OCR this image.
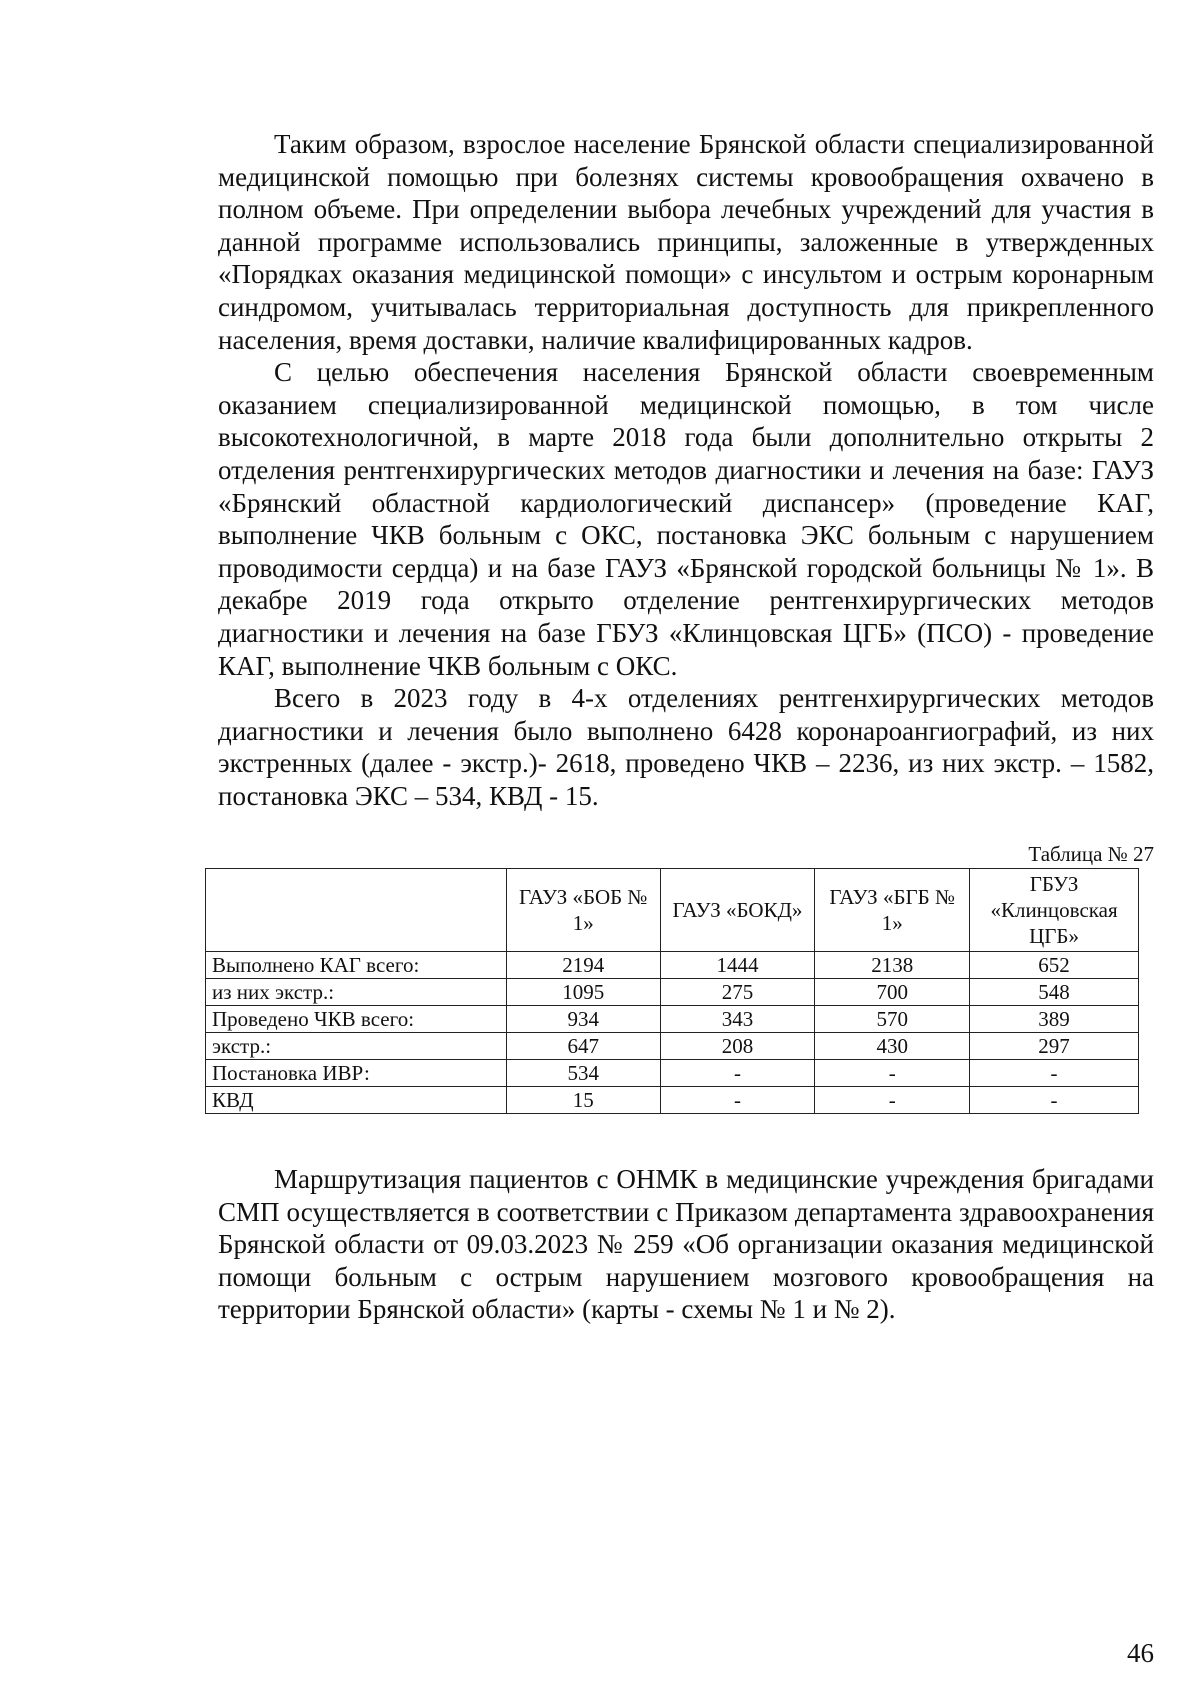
Таким образом, взрослое население Брянской области специализированной медицинской помощью при болезнях системы кровообращения охвачено в полном объеме. При определении выбора лечебных учреждений для участия в данной программе использовались принципы, заложенные в утвержденных «Порядках оказания медицинской помощи» с инсультом и острым коронарным синдромом, учитывалась территориальная доступность для прикрепленного населения, время доставки, наличие квалифицированных кадров.

С целью обеспечения населения Брянской области своевременным оказанием специализированной медицинской помощью, в том числе высокотехнологичной, в марте 2018 года были дополнительно открыты 2 отделения рентгенхирургических методов диагностики и лечения на базе: ГАУЗ «Брянский областной кардиологический диспансер» (проведение КАГ, выполнение ЧКВ больным с ОКС, постановка ЭКС больным с нарушением проводимости сердца) и на базе ГАУЗ «Брянской городской больницы № 1». В декабре 2019 года открыто отделение рентгенхирургических методов диагностики и лечения на базе ГБУЗ «Клинцовская ЦГБ» (ПСО) - проведение КАГ, выполнение ЧКВ больным с ОКС.

Всего в 2023 году в 4-х отделениях рентгенхирургических методов диагностики и лечения было выполнено 6428 коронароангиографий, из них экстренных (далее - экстр.)- 2618, проведено ЧКВ – 2236, из них экстр. – 1582, постановка ЭКС – 534, КВД - 15.

Таблица № 27

	ГАУЗ «БОБ № 1»	ГАУЗ «БОКД»	ГАУЗ «БГБ № 1»	ГБУЗ «Клинцовская ЦГБ»
Выполнено КАГ всего:	2194	1444	2138	652
из них экстр.:	1095	275	700	548
Проведено ЧКВ всего:	934	343	570	389
экстр.:	647	208	430	297
Постановка ИВР:	534	-	-	-
КВД	15	-	-	-

Маршрутизация пациентов с ОНМК в медицинские учреждения бригадами СМП осуществляется в соответствии с Приказом департамента здравоохранения Брянской области от 09.03.2023 № 259 «Об организации оказания медицинской помощи больным с острым нарушением мозгового кровообращения на территории Брянской области» (карты - схемы № 1 и № 2).

46
